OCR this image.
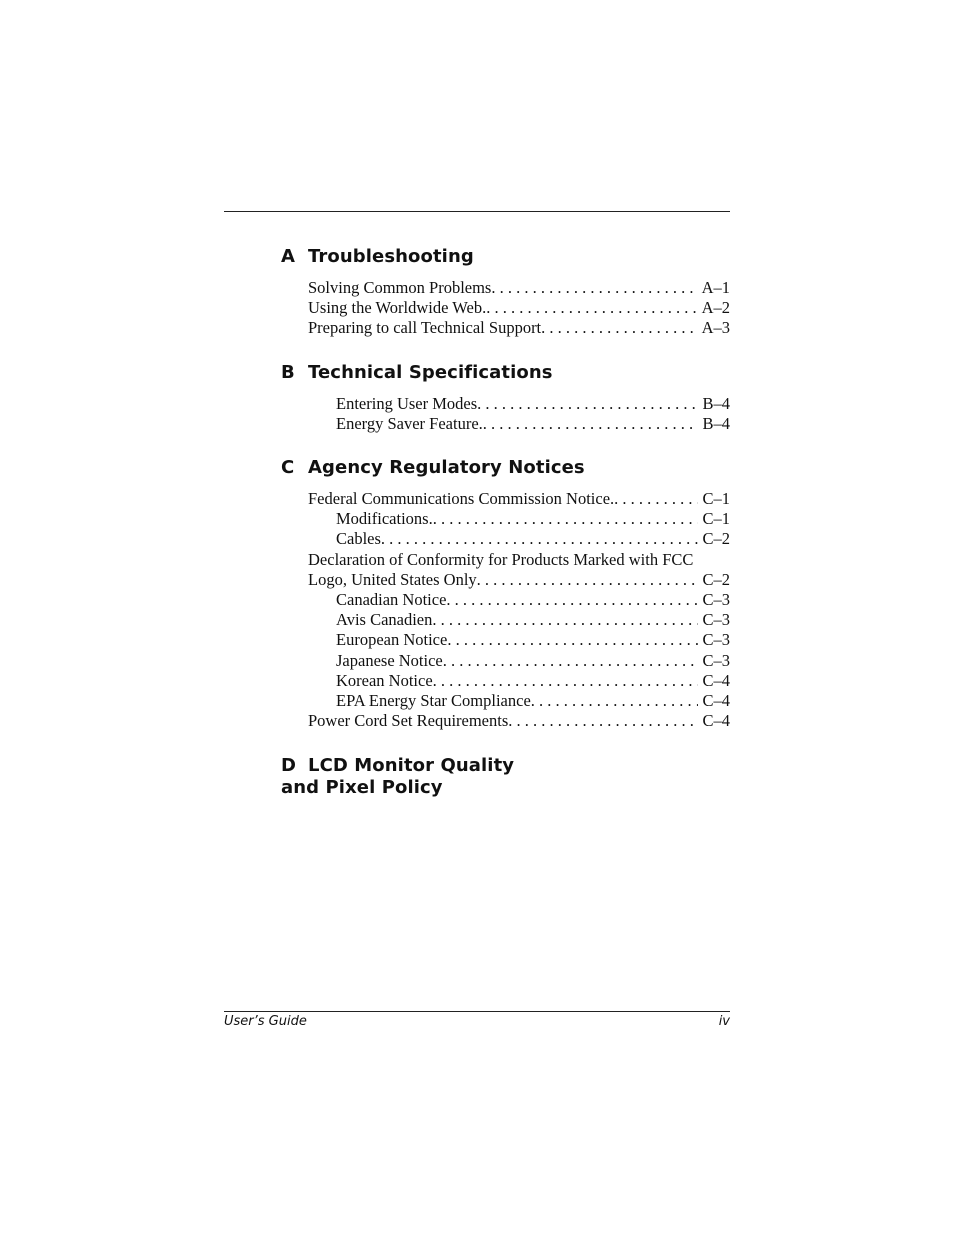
A Troubleshooting
Solving Common Problems . . .	A–1
Using the Worldwide Web. . . .	A–2
Preparing to call Technical Support . . .	A–3
B Technical Specifications
Entering User Modes . . .	B–4
Energy Saver Feature. . . .	B–4
C Agency Regulatory Notices
Federal Communications Commission Notice. . . .	C–1
Modifications. . . .	C–1
Cables . . .	C–2
Declaration of Conformity for Products Marked with FCC
Logo, United States Only . . .	C–2
Canadian Notice . . .	C–3
Avis Canadien . . .	C–3
European Notice . . .	C–3
Japanese Notice . . .	C–3
Korean Notice . . .	C–4
EPA Energy Star Compliance . . .	C–4
Power Cord Set Requirements . . .	C–4
D LCD Monitor Quality
and Pixel Policy
User’s Guide	iv
